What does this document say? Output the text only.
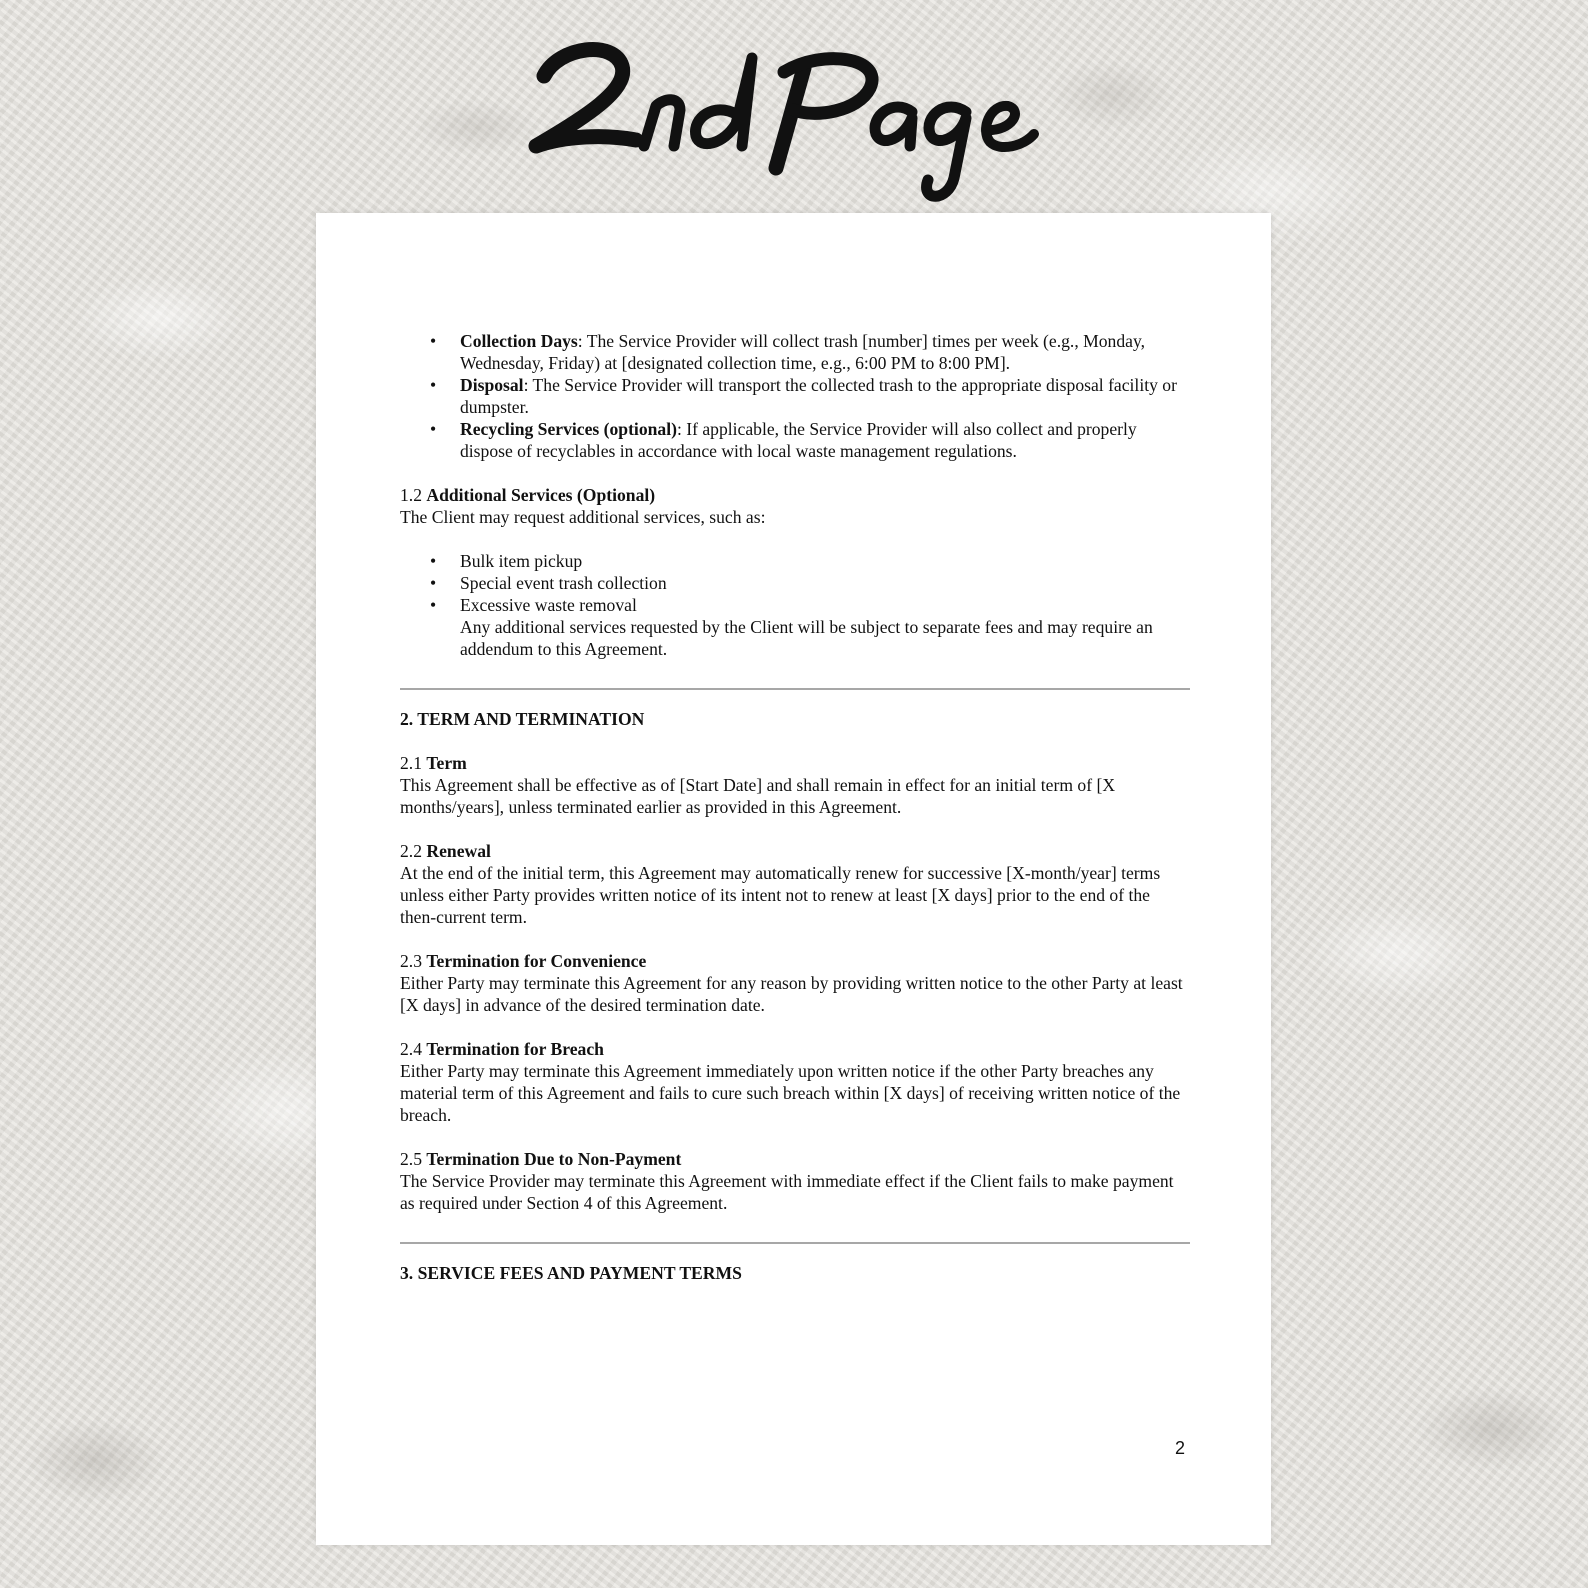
• Collection Days: The Service Provider will collect trash [number] times per week (e.g., Monday, Wednesday, Friday) at [designated collection time, e.g., 6:00 PM to 8:00 PM].
• Disposal: The Service Provider will transport the collected trash to the appropriate disposal facility or dumpster.
• Recycling Services (optional): If applicable, the Service Provider will also collect and properly dispose of recyclables in accordance with local waste management regulations.

1.2 Additional Services (Optional)

The Client may request additional services, such as:

• Bulk item pickup
• Special event trash collection
• Excessive waste removal
Any additional services requested by the Client will be subject to separate fees and may require an addendum to this Agreement.

2. TERM AND TERMINATION

2.1 Term

This Agreement shall be effective as of [Start Date] and shall remain in effect for an initial term of [X months/years], unless terminated earlier as provided in this Agreement.

2.2 Renewal

At the end of the initial term, this Agreement may automatically renew for successive [X-month/year] terms unless either Party provides written notice of its intent not to renew at least [X days] prior to the end of the then-current term.

2.3 Termination for Convenience

Either Party may terminate this Agreement for any reason by providing written notice to the other Party at least [X days] in advance of the desired termination date.

2.4 Termination for Breach

Either Party may terminate this Agreement immediately upon written notice if the other Party breaches any material term of this Agreement and fails to cure such breach within [X days] of receiving written notice of the breach.

2.5 Termination Due to Non-Payment

The Service Provider may terminate this Agreement with immediate effect if the Client fails to make payment as required under Section 4 of this Agreement.

3. SERVICE FEES AND PAYMENT TERMS

2
